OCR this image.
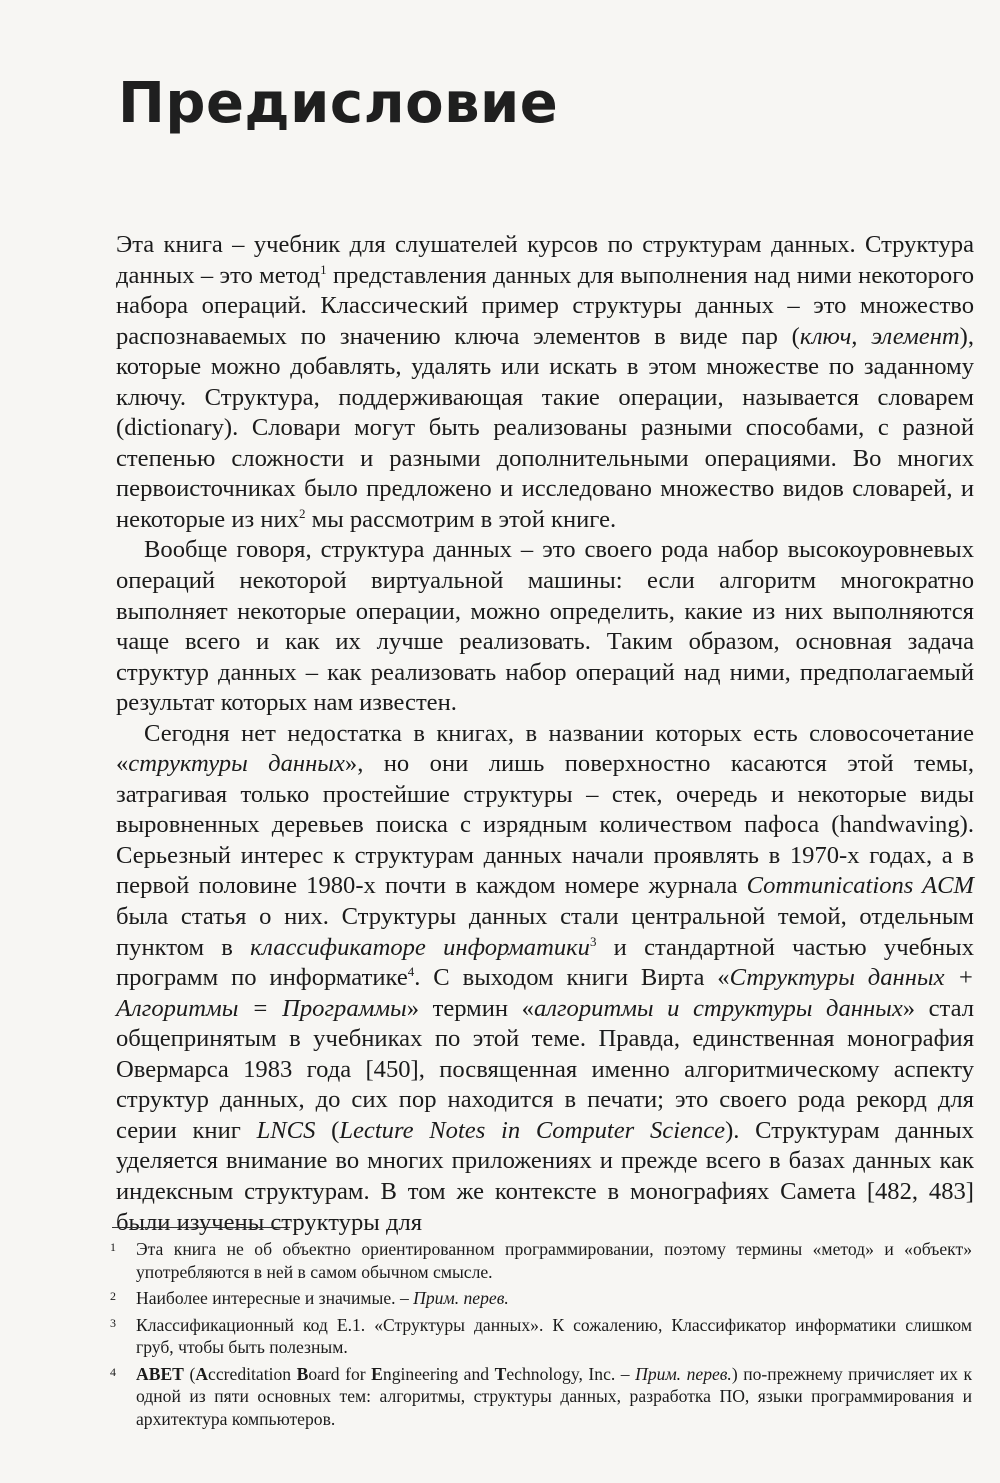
Предисловие

Эта книга – учебник для слушателей курсов по структурам данных. Структура данных – это метод$^1$ представления данных для выполнения над ними некоторого набора операций. Классический пример структуры данных – это множество распознаваемых по значению ключа элементов в виде пар (ключ, элемент), которые можно добавлять, удалять или искать в этом множестве по заданному ключу. Структура, поддерживающая такие операции, называется словарем (dictionary). Словари могут быть реализованы разными способами, с разной степенью сложности и разными дополнительными операциями. Во многих первоисточниках было предложено и исследовано множество видов словарей, и некоторые из них$^2$ мы рассмотрим в этой книге.

Вообще говоря, структура данных – это своего рода набор высокоуровневых операций некоторой виртуальной машины: если алгоритм многократно выполняет некоторые операции, можно определить, какие из них выполняются чаще всего и как их лучше реализовать. Таким образом, основная задача структур данных – как реализовать набор операций над ними, предполагаемый результат которых нам известен.

Сегодня нет недостатка в книгах, в названии которых есть словосочетание «структуры данных», но они лишь поверхностно касаются этой темы, затрагивая только простейшие структуры – стек, очередь и некоторые виды выровненных деревьев поиска с изрядным количеством пафоса (handwaving). Серьезный интерес к структурам данных начали проявлять в 1970-х годах, а в первой половине 1980-х почти в каждом номере журнала Communications ACM была статья о них. Структуры данных стали центральной темой, отдельным пунктом в классификаторе информатики$^3$ и стандартной частью учебных программ по информатике$^4$. С выходом книги Вирта «Структуры данных + Алгоритмы = Программы» термин «алгоритмы и структуры данных» стал общепринятым в учебниках по этой теме. Правда, единственная монография Овермарса 1983 года [450], посвященная именно алгоритмическому аспекту структур данных, до сих пор находится в печати; это своего рода рекорд для серии книг LNCS (Lecture Notes in Computer Science). Структурам данных уделяется внимание во многих приложениях и прежде всего в базах данных как индексным структурам. В том же контексте в монографиях Самета [482, 483] были изучены структуры для

1 Эта книга не об объектно ориентированном программировании, поэтому термины «метод» и «объект» употребляются в ней в самом обычном смысле.
2 Наиболее интересные и значимые. – Прим. перев.
3 Классификационный код E.1. «Структуры данных». К сожалению, Классификатор информатики слишком груб, чтобы быть полезным.
4 ABET (Accreditation Board for Engineering and Technology, Inc. – Прим. перев.) по-прежнему причисляет их к одной из пяти основных тем: алгоритмы, структуры данных, разработка ПО, языки программирования и архитектура компьютеров.
